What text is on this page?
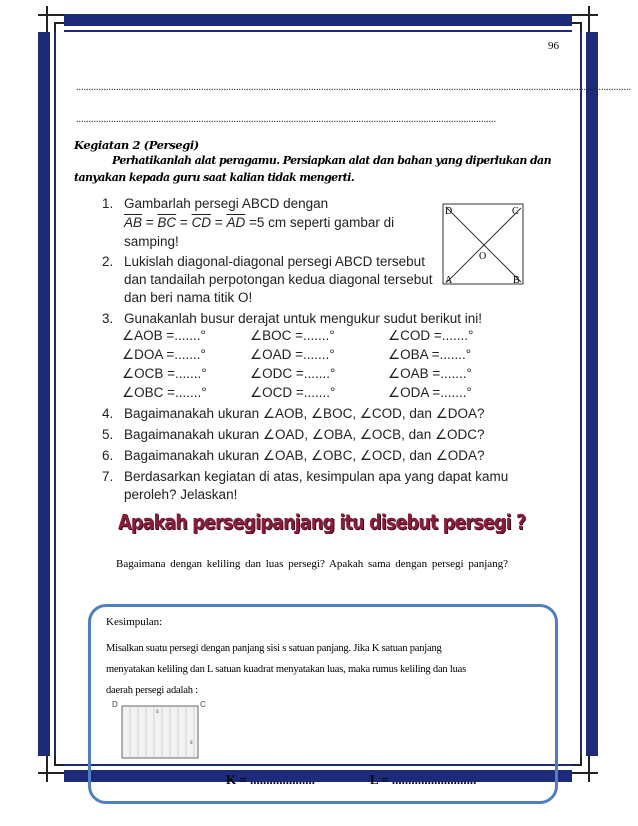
96
..............................................................................................................................................................................................................................
........................................................................................................................................................................
Kegiatan 2 (Persegi)
Perhatikanlah alat peragamu. Persiapkan alat dan bahan yang diperlukan dan tanyakan kepada guru saat kalian tidak mengerti.
1. Gambarlah persegi ABCD dengan
$\overline{AB} = \overline{BC} = \overline{CD} = \overline{AD} =5$ cm seperti gambar di
samping!
2. Lukislah diagonal-diagonal persegi ABCD tersebut
dan tandailah perpotongan kedua diagonal tersebut
dan beri nama titik O!
3. Gunakanlah busur derajat untuk mengukur sudut berikut ini!
∠AOB =.......°	∠BOC =.......°	∠COD =.......°
∠DOA =.......°	∠OAD =.......°	∠OBA =.......°
∠OCB =.......°	∠ODC =.......°	∠OAB =.......°
∠OBC =.......°	∠OCD =.......°	∠ODA =.......°
4. Bagaimanakah ukuran ∠AOB, ∠BOC, ∠COD, dan ∠DOA?
5. Bagaimanakah ukuran ∠OAD, ∠OBA, ∠OCB, dan ∠ODC?
6. Bagaimanakah ukuran ∠OAB, ∠OBC, ∠OCD, dan ∠ODA?
7. Berdasarkan kegiatan di atas, kesimpulan apa yang dapat kamu
peroleh? Jelaskan!
D	C
A	B
O
Apakah persegipanjang itu disebut persegi ?
Bagaimana dengan keliling dan luas persegi? Apakah sama dengan persegi panjang?
Kesimpulan:
Misalkan suatu persegi dengan panjang sisi s satuan panjang. Jika K satuan panjang
menyatakan keliling dan L satuan kuadrat menyatakan luas, maka rumus keliling dan luas
daerah persegi adalah :
D	C
s
s
K = ....................	L = ..........................
